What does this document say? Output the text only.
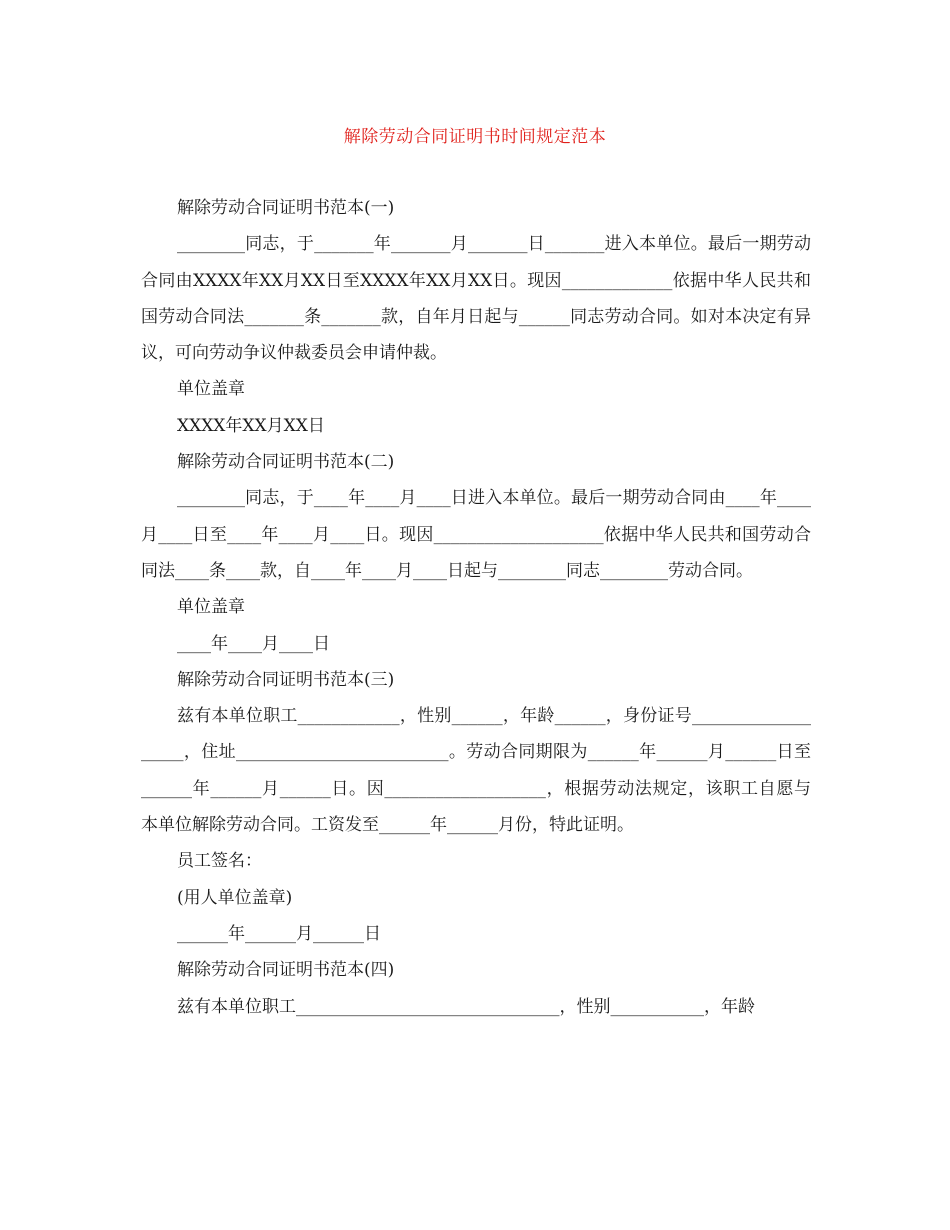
解除劳动合同证明书时间规定范本

解除劳动合同证明书范本(一)

________同志，于_______年_______月_______日_______进入本单位。最后一期劳动合同由XXXX年XX月XX日至XXXX年XX月XX日。现因_____________依据中华人民共和国劳动合同法_______条_______款，自年月日起与______同志劳动合同。如对本决定有异议，可向劳动争议仲裁委员会申请仲裁。

单位盖章

XXXX年XX月XX日

解除劳动合同证明书范本(二)

________同志，于____年____月____日进入本单位。最后一期劳动合同由____年____月____日至____年____月____日。现因____________________依据中华人民共和国劳动合同法____条____款，自____年____月____日起与________同志________劳动合同。

单位盖章

____年____月____日

解除劳动合同证明书范本(三)

兹有本单位职工____________，性别______，年龄______，身份证号___________________，住址_________________________。劳动合同期限为______年______月______日至______年______月______日。因___________________，根据劳动法规定，该职工自愿与本单位解除劳动合同。工资发至______年______月份，特此证明。

员工签名：

(用人单位盖章)

______年______月______日

解除劳动合同证明书范本(四)

兹有本单位职工_______________________________，性别___________，年龄
